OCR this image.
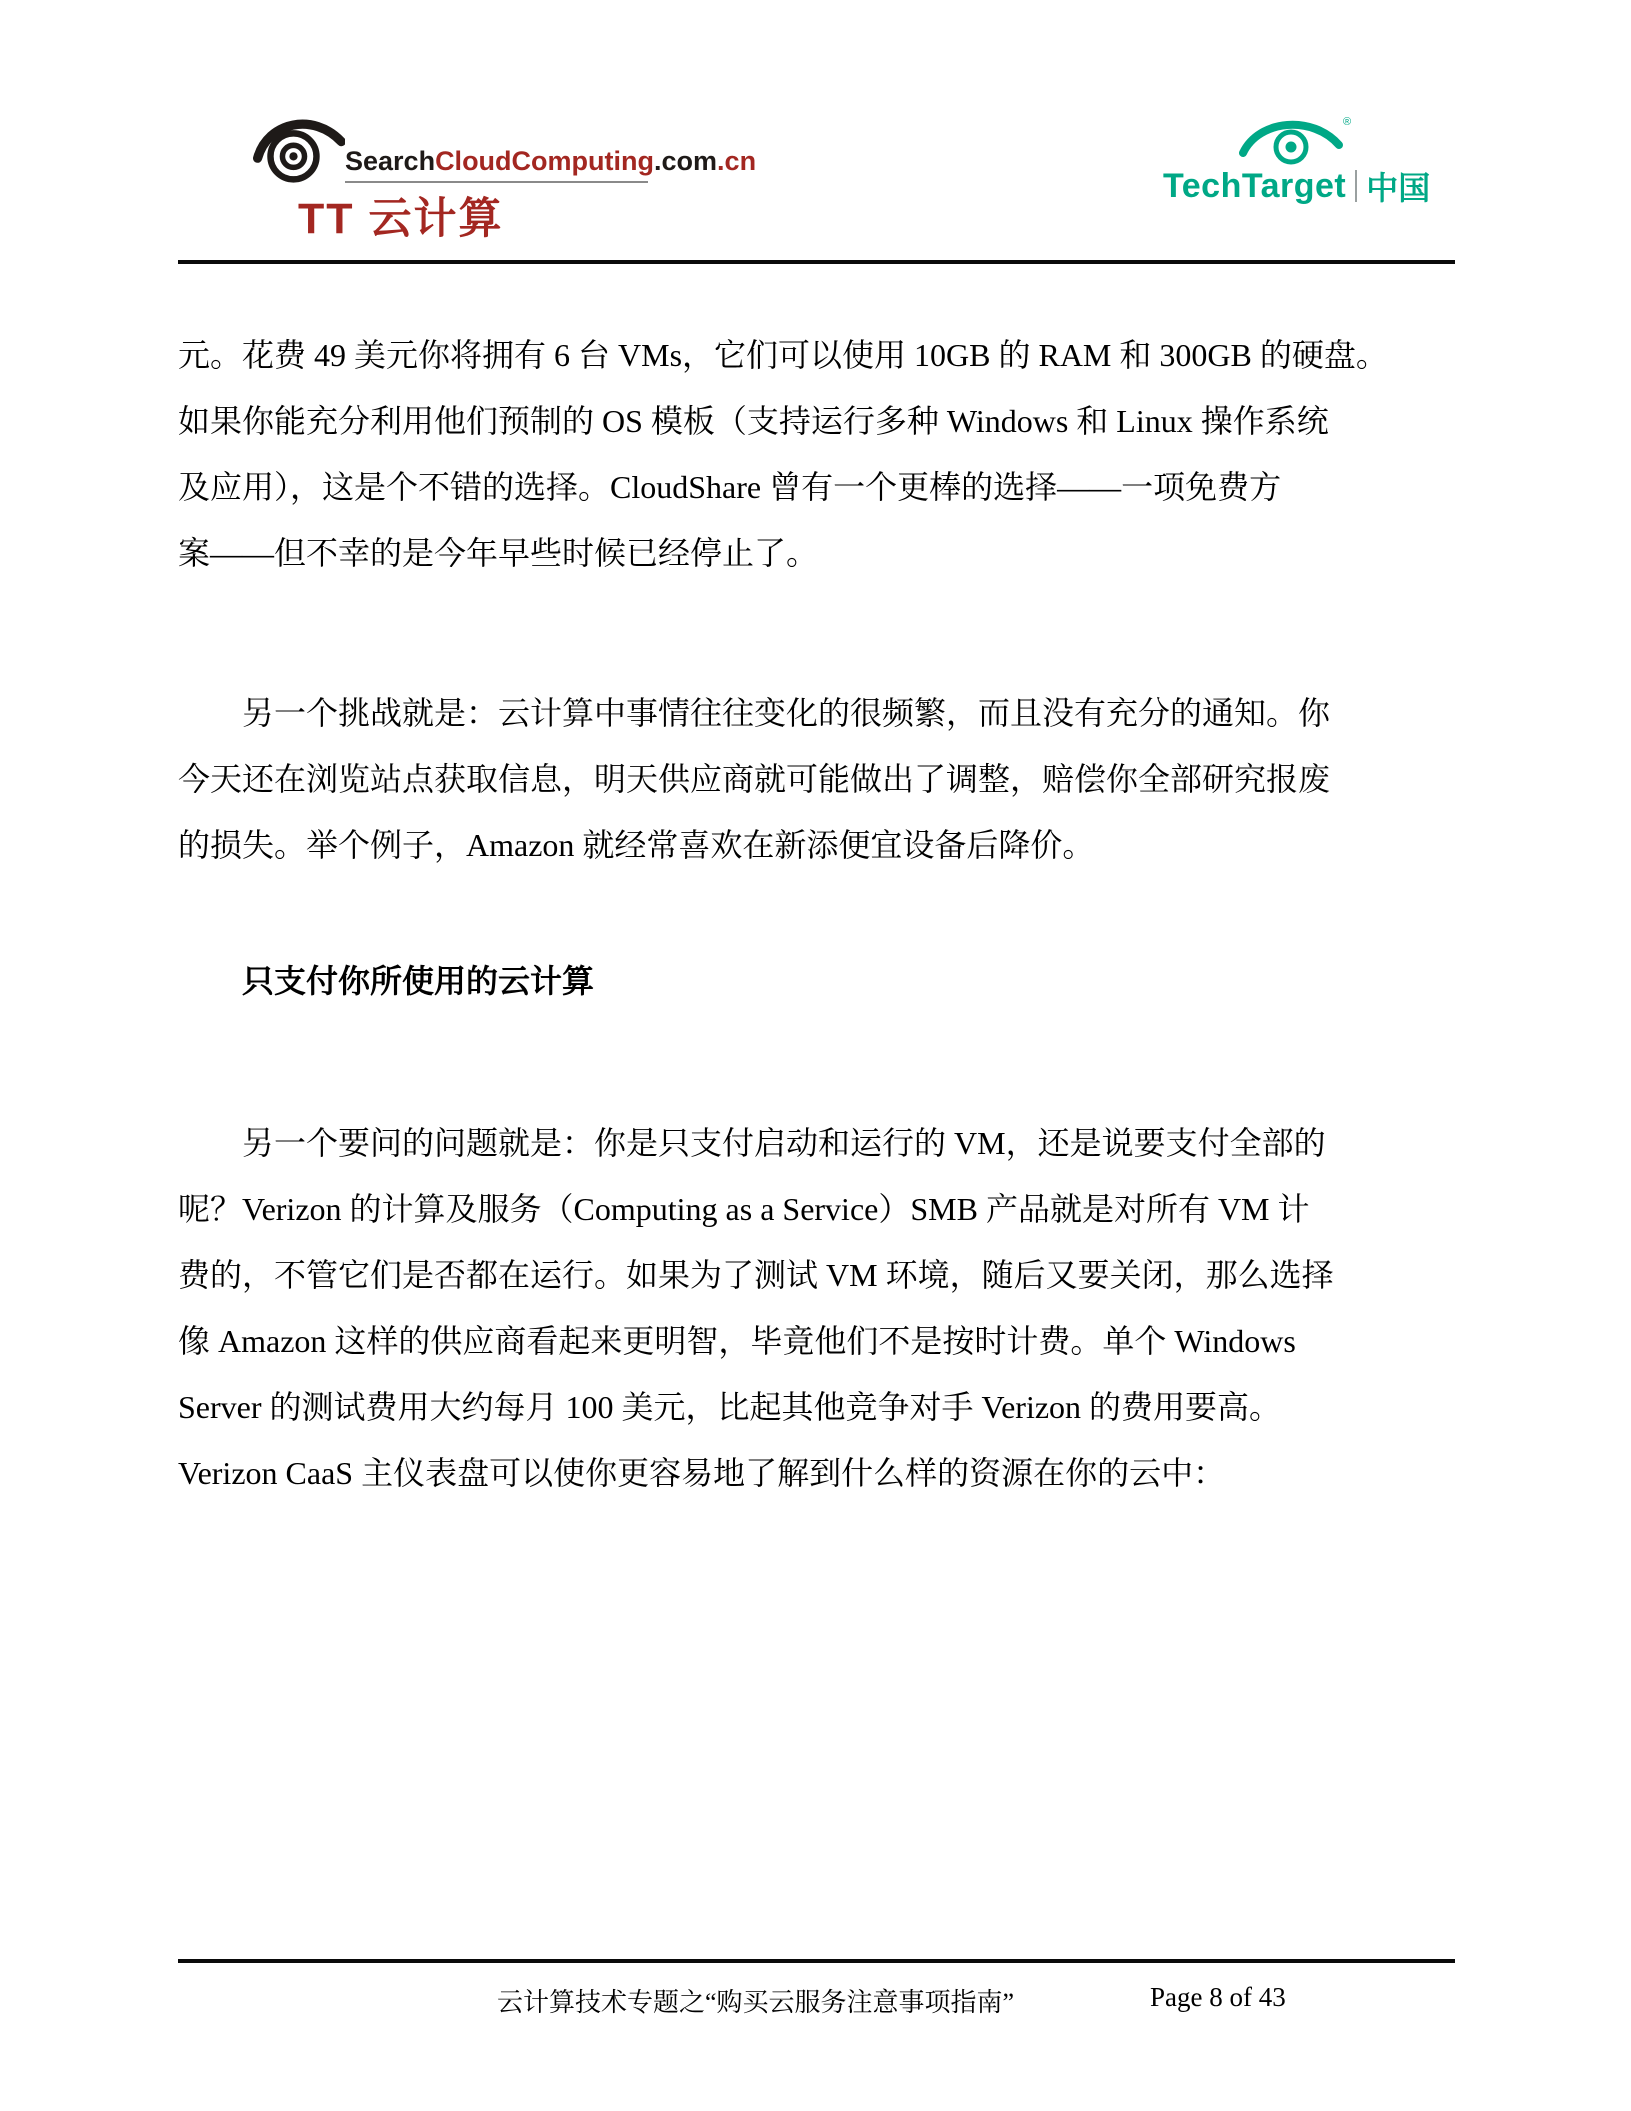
SearchCloudComputing.com.cn
TT 云计算
®
TechTarget 中国
元。花费 49 美元你将拥有 6 台 VMs，它们可以使用 10GB 的 RAM 和 300GB 的硬盘。
如果你能充分利用他们预制的 OS 模板（支持运行多种 Windows 和 Linux 操作系统
及应用），这是个不错的选择。CloudShare 曾有一个更棒的选择——一项免费方
案——但不幸的是今年早些时候已经停止了。
另一个挑战就是：云计算中事情往往变化的很频繁，而且没有充分的通知。你
今天还在浏览站点获取信息，明天供应商就可能做出了调整，赔偿你全部研究报废
的损失。举个例子，Amazon 就经常喜欢在新添便宜设备后降价。
只支付你所使用的云计算
另一个要问的问题就是：你是只支付启动和运行的 VM，还是说要支付全部的
呢？Verizon 的计算及服务（Computing as a Service）SMB 产品就是对所有 VM 计
费的，不管它们是否都在运行。如果为了测试 VM 环境，随后又要关闭，那么选择
像 Amazon 这样的供应商看起来更明智，毕竟他们不是按时计费。单个 Windows
Server 的测试费用大约每月 100 美元，比起其他竞争对手 Verizon 的费用要高。
Verizon CaaS 主仪表盘可以使你更容易地了解到什么样的资源在你的云中：
云计算技术专题之“购买云服务注意事项指南”	Page 8 of 43
